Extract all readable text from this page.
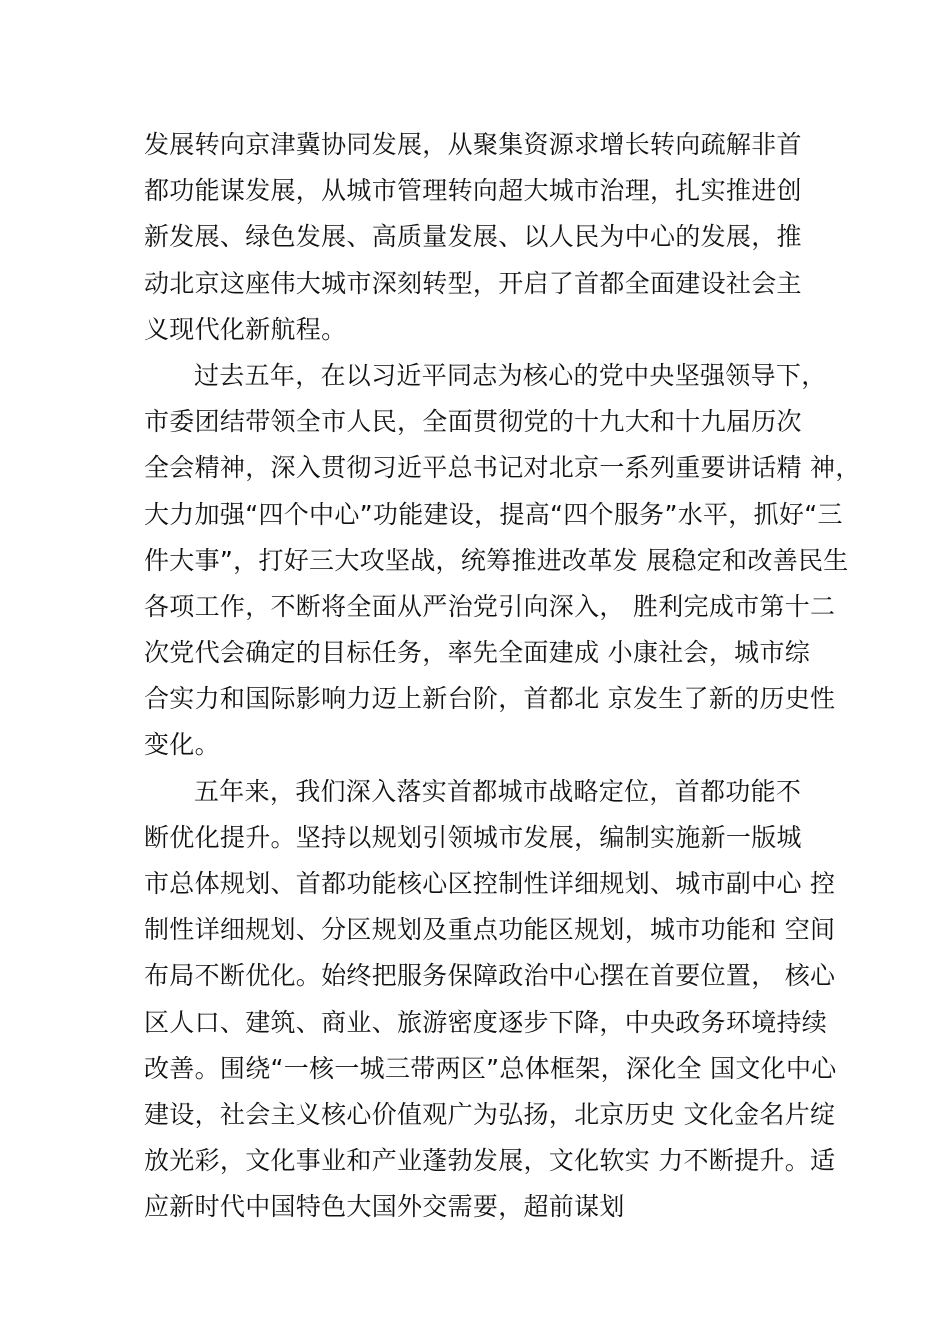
发展转向京津冀协同发展，从聚集资源求增长转向疏解非首
都功能谋发展，从城市管理转向超大城市治理，扎实推进创
新发展、绿色发展、高质量发展、以人民为中心的发展，推
动北京这座伟大城市深刻转型，开启了首都全面建设社会主
义现代化新航程。
过去五年，在以习近平同志为核心的党中央坚强领导下，
市委团结带领全市人民，全面贯彻党的十九大和十九届历次
全会精神，深入贯彻习近平总书记对北京一系列重要讲话精 神，
大力加强“四个中心”功能建设，提高“四个服务”水平，抓好“三
件大事”，打好三大攻坚战，统筹推进改革发 展稳定和改善民生
各项工作，不断将全面从严治党引向深入， 胜利完成市第十二
次党代会确定的目标任务，率先全面建成 小康社会，城市综
合实力和国际影响力迈上新台阶，首都北 京发生了新的历史性
变化。
五年来，我们深入落实首都城市战略定位，首都功能不
断优化提升。坚持以规划引领城市发展，编制实施新一版城
市总体规划、首都功能核心区控制性详细规划、城市副中心 控
制性详细规划、分区规划及重点功能区规划，城市功能和 空间
布局不断优化。始终把服务保障政治中心摆在首要位置， 核心
区人口、建筑、商业、旅游密度逐步下降，中央政务环境持续
改善。围绕“一核一城三带两区”总体框架，深化全 国文化中心
建设，社会主义核心价值观广为弘扬，北京历史 文化金名片绽
放光彩，文化事业和产业蓬勃发展，文化软实 力不断提升。适
应新时代中国特色大国外交需要，超前谋划
